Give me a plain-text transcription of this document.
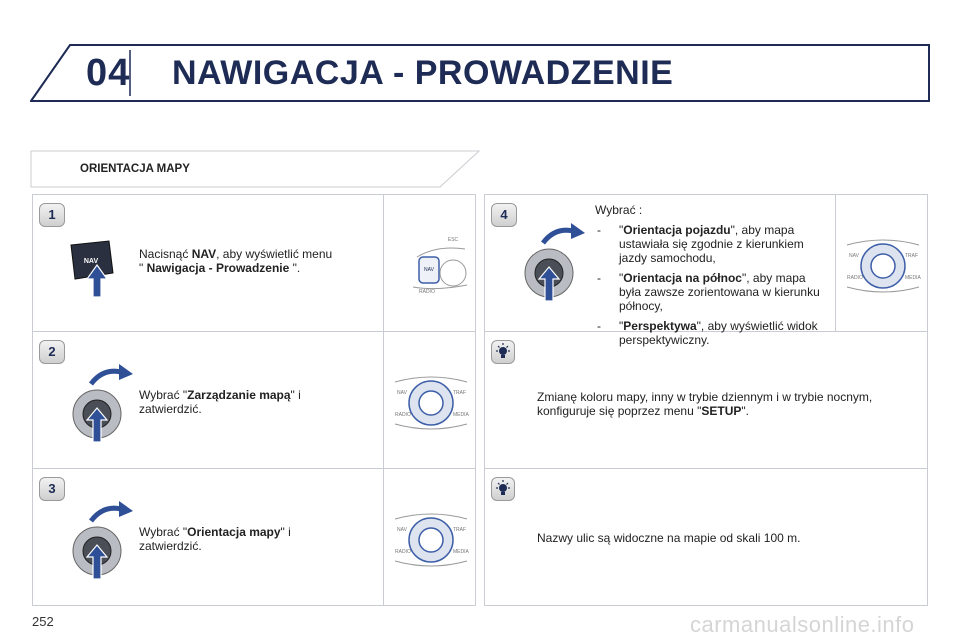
04 NAWIGACJA - PROWADZENIE
ORIENTACJA MAPY
1
NAV
Nacisnąć NAV, aby wyświetlić menu
" Nawigacja - Prowadzenie ".	NAV
ESC
RADIO
2
Wybrać "Zarządzanie mapą" i
zatwierdzić.
NAV	TRAF
RADIO	MEDIA
3
Wybrać "Orientacja mapy" i
zatwierdzić.
NAV	TRAF
RADIO	MEDIA
4	Wybrać :
- "Orientacja pojazdu", aby mapa ustawiała się zgodnie z kierunkiem jazdy samochodu,
- "Orientacja na północ", aby mapa była zawsze zorientowana w kierunku północy,
- "Perspektywa", aby wyświetlić widok perspektywiczny.
NAV	TRAF
RADIO	MEDIA
Zmianę koloru mapy, inny w trybie dziennym i w trybie nocnym, konfiguruje się poprzez menu "SETUP".
Nazwy ulic są widoczne na mapie od skali 100 m.
252	carmanualsonline.info
